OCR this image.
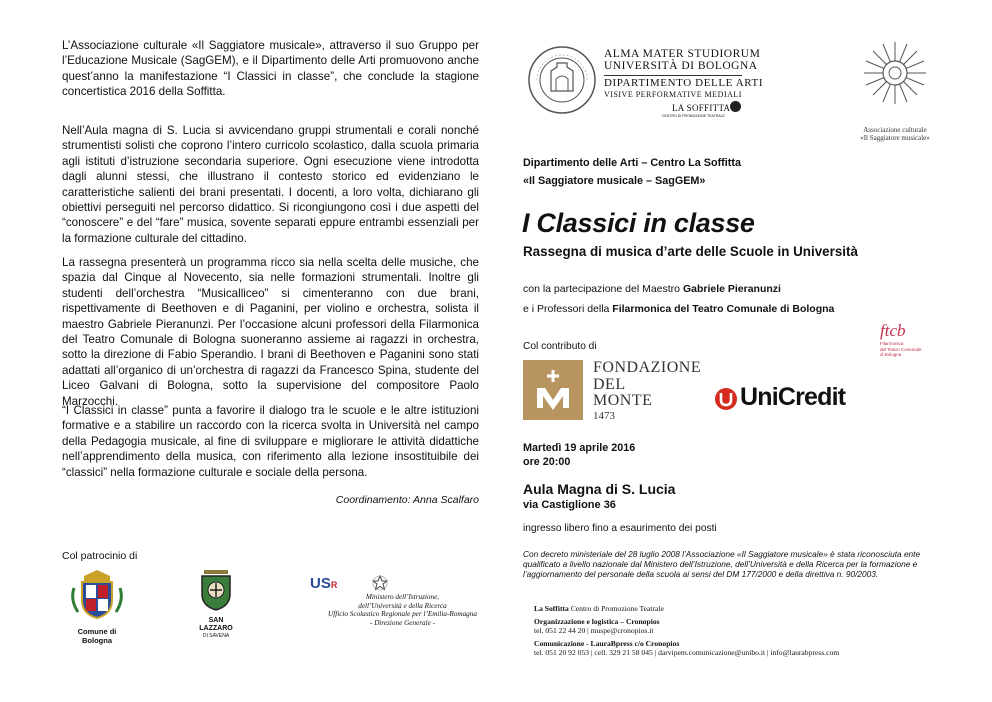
L’Associazione culturale «Il Saggiatore musicale», attraverso il suo Gruppo per l’Educazione Musicale (SagGEM), e il Dipartimento delle Arti promuovono anche quest’anno la manifestazione “I Classici in classe”, che conclude la stagione concertistica 2016 della Soffitta.

Nell’Aula magna di S. Lucia si avvicendano gruppi strumentali e corali nonché strumentisti solisti che coprono l’intero curricolo scolastico, dalla scuola primaria agli istituti d’istruzione secondaria superiore. Ogni esecuzione viene introdotta dagli alunni stessi, che illustrano il contesto storico ed evidenziano le caratteristiche salienti dei brani presentati. I docenti, a loro volta, dichiarano gli obiettivi perseguiti nel percorso didattico. Si ricongiungono così i due aspetti del “conoscere” e del “fare” musica, sovente separati eppure entrambi essenziali per la formazione culturale del cittadino.

La rassegna presenterà un programma ricco sia nella scelta delle musiche, che spazia dal Cinque al Novecento, sia nelle formazioni strumentali. Inoltre gli studenti dell’orchestra “Musicalliceo” si cimenteranno con due brani, rispettivamente di Beethoven e di Paganini, per violino e orchestra, solista il maestro Gabriele Pieranunzi. Per l’occasione alcuni professori della Filarmonica del Teatro Comunale di Bologna suoneranno assieme ai ragazzi in orchestra, sotto la direzione di Fabio Sperandio. I brani di Beethoven e Paganini sono stati adattati all’organico di un’orchestra di ragazzi da Francesco Spina, studente del Liceo Galvani di Bologna, sotto la supervisione del compositore Paolo Marzocchi.

“I Classici in classe” punta a favorire il dialogo tra le scuole e le altre istituzioni formative e a stabilire un raccordo con la ricerca svolta in Università nel campo della Pedagogia musicale, al fine di sviluppare e migliorare le attività didattiche nell’apprendimento della musica, con riferimento alla lezione insostituibile dei “classici” nella formazione culturale e sociale della persona.

Coordinamento: Anna Scalfaro
Col patrocinio di
Comune di Bologna
SAN LAZZARO
DI SAVENA
USR
Ministero dell’Istruzione,
dell’Università e della Ricerca
Ufficio Scolastico Regionale per l’Emilia-Romagna
- Direzione Generale -
ALMA MATER STUDIORUM
UNIVERSITÀ DI BOLOGNA
DIPARTIMENTO DELLE ARTI
VISIVE PERFORMATIVE MEDIALI
LA SOFFITTA
CENTRO DI PROMOZIONE TEATRALE
Associazione culturale
«Il Saggiatore musicale»
Dipartimento delle Arti – Centro La Soffitta
«Il Saggiatore musicale – SagGEM»
I Classici in classe
Rassegna di musica d’arte delle Scuole in Università
con la partecipazione del Maestro Gabriele Pieranunzi
e i Professori della Filarmonica del Teatro Comunale di Bologna
ftcb
Filarmonica
del Teatro Comunale
di Bologna
Col contributo di
FONDAZIONE
DEL
MONTE
1473
UniCredit
Martedì 19 aprile 2016
ore 20:00
Aula Magna di S. Lucia
via Castiglione 36
ingresso libero fino a esaurimento dei posti
Con decreto ministeriale del 28 luglio 2008 l’Associazione «Il Saggiatore musicale» è stata riconosciuta ente qualificato a livello nazionale dal Ministero dell’Istruzione, dell’Università e della Ricerca per la formazione e l’aggiornamento del personale della scuola ai sensi del DM 177/2000 e della direttiva n. 90/2003.
La Soffitta Centro di Promozione Teatrale
Organizzazione e logistica – Cronopios
tel. 051 22 44 20 | muspe@cronopios.it
Comunicazione - LauraBpress c/o Cronopios
tel. 051 20 92 053 | cell. 329 21 58 045 | darvipem.comunicazione@unibo.it | info@laurabpress.com
